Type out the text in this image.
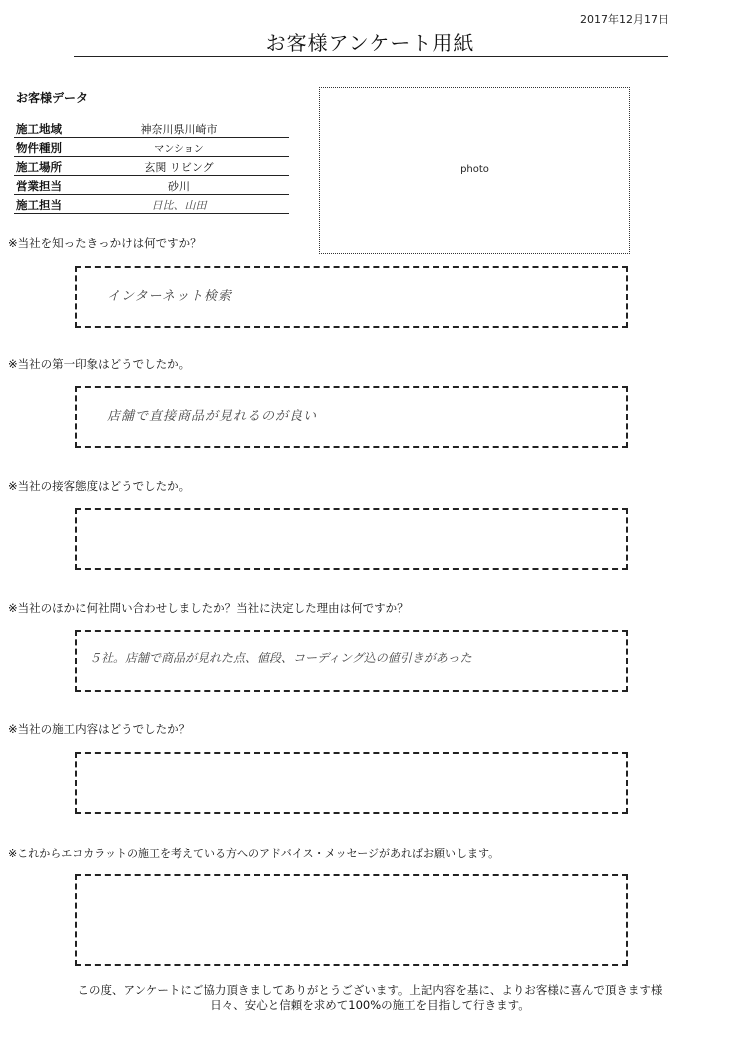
2017年12月17日
お客様アンケート用紙
お客様データ
施工地域	神奈川県川崎市
物件種別	マンション
施工場所	玄関 リビング
営業担当	砂川
施工担当	日比、山田
photo
※当社を知ったきっかけは何ですか？
インターネット検索
※当社の第一印象はどうでしたか。
店舗で直接商品が見れるのが良い
※当社の接客態度はどうでしたか。
※当社のほかに何社問い合わせしましたか？当社に決定した理由は何ですか？
５社。店舗で商品が見れた点、値段、コーディング込の値引きがあった
※当社の施工内容はどうでしたか？
※これからエコカラットの施工を考えている方へのアドバイス・メッセージがあればお願いします。
この度、アンケートにご協力頂きましてありがとうございます。上記内容を基に、よりお客様に喜んで頂きます様
日々、安心と信頼を求めて100%の施工を目指して行きます。
